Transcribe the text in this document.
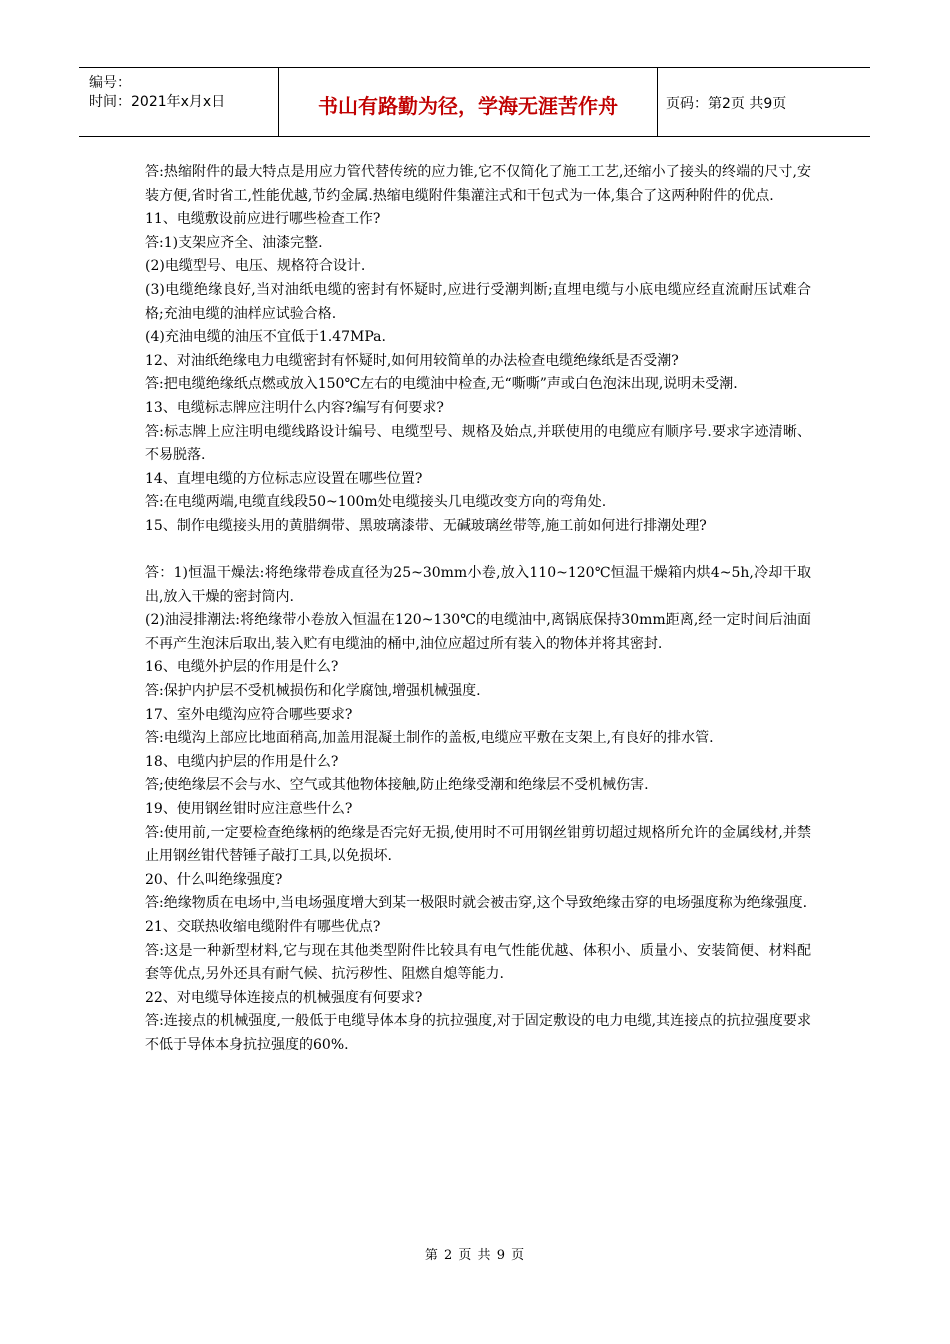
编号：
时间：2021年x月x日	书山有路勤为径，学海无涯苦作舟	页码：第2页 共9页

答:热缩附件的最大特点是用应力管代替传统的应力锥,它不仅简化了施工工艺,还缩小了接头的终端的尺寸,安装方便,省时省工,性能优越,节约金属.热缩电缆附件集灌注式和干包式为一体,集合了这两种附件的优点.

11、电缆敷设前应进行哪些检查工作?

答:1)支架应齐全、油漆完整.

(2)电缆型号、电压、规格符合设计.

(3)电缆绝缘良好,当对油纸电缆的密封有怀疑时,应进行受潮判断;直埋电缆与小底电缆应经直流耐压试难合格;充油电缆的油样应试验合格.

(4)充油电缆的油压不宜低于1.47MPa.

12、对油纸绝缘电力电缆密封有怀疑时,如何用较简单的办法检查电缆绝缘纸是否受潮?

答:把电缆绝缘纸点燃或放入150℃左右的电缆油中检查,无“嘶嘶”声或白色泡沫出现,说明未受潮.

13、电缆标志牌应注明什么内容?编写有何要求?

答:标志牌上应注明电缆线路设计编号、电缆型号、规格及始点,并联使用的电缆应有顺序号.要求字迹清晰、不易脱落.

14、直埋电缆的方位标志应设置在哪些位置?

答:在电缆两端,电缆直线段50~100m处电缆接头几电缆改变方向的弯角处.

15、制作电缆接头用的黄腊绸带、黑玻璃漆带、无碱玻璃丝带等,施工前如何进行排潮处理?

答：1)恒温干燥法:将绝缘带卷成直径为25~30mm小卷,放入110~120℃恒温干燥箱内烘4~5h,冷却干取出,放入干燥的密封筒内.

(2)油浸排潮法:将绝缘带小卷放入恒温在120~130℃的电缆油中,离锅底保持30mm距离,经一定时间后油面不再产生泡沫后取出,装入贮有电缆油的桶中,油位应超过所有装入的物体并将其密封.

16、电缆外护层的作用是什么?

答:保护内护层不受机械损伤和化学腐蚀,增强机械强度.

17、室外电缆沟应符合哪些要求?

答:电缆沟上部应比地面稍高,加盖用混凝土制作的盖板,电缆应平敷在支架上,有良好的排水管.

18、电缆内护层的作用是什么?

答;使绝缘层不会与水、空气或其他物体接触,防止绝缘受潮和绝缘层不受机械伤害.

19、使用钢丝钳时应注意些什么?

答:使用前,一定要检查绝缘柄的绝缘是否完好无损,使用时不可用钢丝钳剪切超过规格所允许的金属线材,并禁止用钢丝钳代替锤子敲打工具,以免损坏.

20、什么叫绝缘强度?

答:绝缘物质在电场中,当电场强度增大到某一极限时就会被击穿,这个导致绝缘击穿的电场强度称为绝缘强度.

21、交联热收缩电缆附件有哪些优点?

答:这是一种新型材料,它与现在其他类型附件比较具有电气性能优越、体积小、质量小、安装简便、材料配套等优点,另外还具有耐气候、抗污秽性、阻燃自熄等能力.

22、对电缆导体连接点的机械强度有何要求?

答:连接点的机械强度,一般低于电缆导体本身的抗拉强度,对于固定敷设的电力电缆,其连接点的抗拉强度要求不低于导体本身抗拉强度的60%.

第 2 页 共 9 页
